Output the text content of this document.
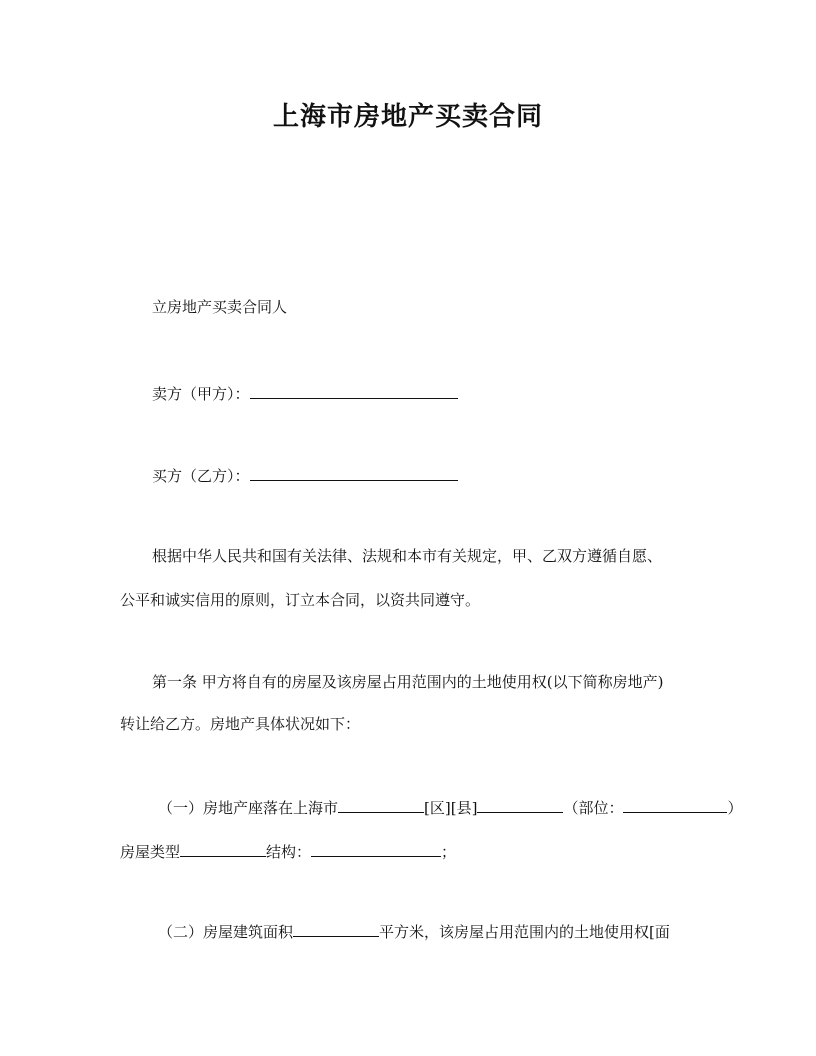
上海市房地产买卖合同
立房地产买卖合同人
卖方（甲方）：
买方（乙方）：
根据中华人民共和国有关法律、法规和本市有关规定，甲、乙双方遵循自愿、
公平和诚实信用的原则，订立本合同，以资共同遵守。
第一条 甲方将自有的房屋及该房屋占用范围内的土地使用权(以下简称房地产)
转让给乙方。房地产具体状况如下：
（一）房地产座落在上海市	[区][县]	（部位：	）
房屋类型	结构：	；
（二）房屋建筑面积	平方米，该房屋占用范围内的土地使用权[面
